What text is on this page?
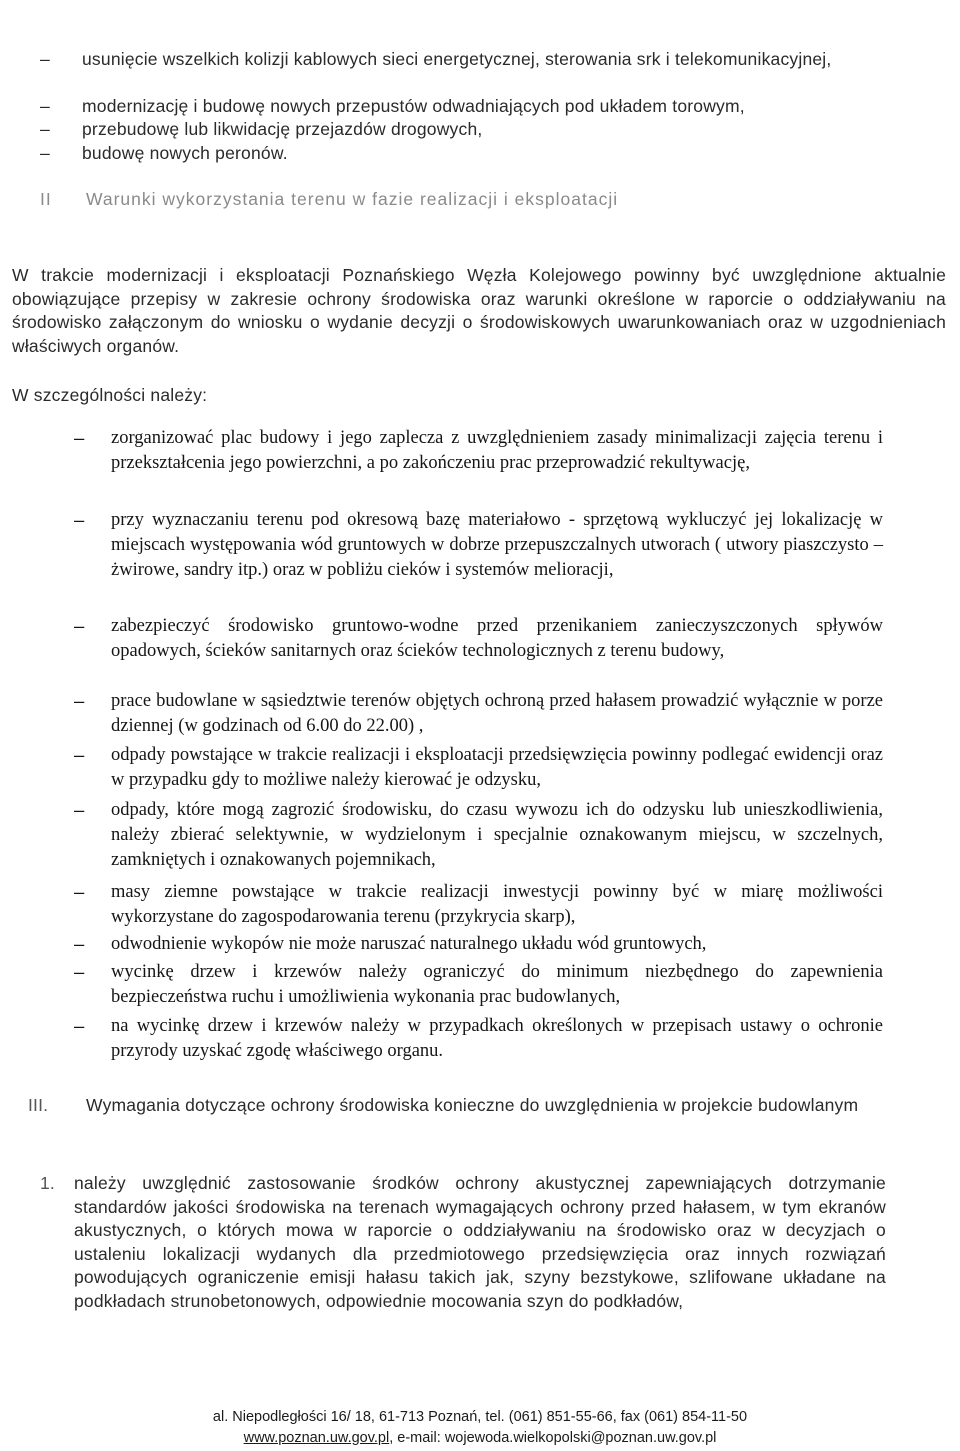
– usunięcie wszelkich kolizji kablowych sieci energetycznej, sterowania srk i telekomunikacyjnej,
– modernizację i budowę nowych przepustów odwadniających pod układem torowym,
– przebudowę lub likwidację przejazdów drogowych,
– budowę nowych peronów.
II Warunki wykorzystania terenu w fazie realizacji i eksploatacji
W trakcie modernizacji i eksploatacji Poznańskiego Węzła Kolejowego powinny być uwzględnione aktualnie obowiązujące przepisy w zakresie ochrony środowiska oraz warunki określone w raporcie o oddziaływaniu na środowisko załączonym do wniosku o wydanie decyzji o środowiskowych uwarunkowaniach oraz w uzgodnieniach właściwych organów.
W szczególności należy:
– zorganizować plac budowy i jego zaplecza z uwzględnieniem zasady minimalizacji zajęcia terenu i przekształcenia jego powierzchni, a po zakończeniu prac przeprowadzić rekultywację,
– przy wyznaczaniu terenu pod okresową bazę materiałowo - sprzętową wykluczyć jej lokalizację w miejscach występowania wód gruntowych w dobrze przepuszczalnych utworach ( utwory piaszczysto – żwirowe, sandry itp.) oraz w pobliżu cieków i systemów melioracji,
– zabezpieczyć środowisko gruntowo-wodne przed przenikaniem zanieczyszczonych spływów opadowych, ścieków sanitarnych oraz ścieków technologicznych z terenu budowy,
– prace budowlane w sąsiedztwie terenów objętych ochroną przed hałasem prowadzić wyłącznie w porze dziennej (w godzinach od 6.00 do 22.00) ,
– odpady powstające w trakcie realizacji i eksploatacji przedsięwzięcia powinny podlegać ewidencji oraz w przypadku gdy to możliwe należy kierować je odzysku,
– odpady, które mogą zagrozić środowisku, do czasu wywozu ich do odzysku lub unieszkodliwienia, należy zbierać selektywnie, w wydzielonym i specjalnie oznakowanym miejscu, w szczelnych, zamkniętych i oznakowanych pojemnikach,
– masy ziemne powstające w trakcie realizacji inwestycji powinny być w miarę możliwości wykorzystane do zagospodarowania terenu (przykrycia skarp),
– odwodnienie wykopów nie może naruszać naturalnego układu wód gruntowych,
– wycinkę drzew i krzewów należy ograniczyć do minimum niezbędnego do zapewnienia bezpieczeństwa ruchu i umożliwienia wykonania prac budowlanych,
– na wycinkę drzew i krzewów należy w przypadkach określonych w przepisach ustawy o ochronie przyrody uzyskać zgodę właściwego organu.
III. Wymagania dotyczące ochrony środowiska konieczne do uwzględnienia w projekcie budowlanym
1. należy uwzględnić zastosowanie środków ochrony akustycznej zapewniających dotrzymanie standardów jakości środowiska na terenach wymagających ochrony przed hałasem, w tym ekranów akustycznych, o których mowa w raporcie o oddziaływaniu na środowisko oraz w decyzjach o ustaleniu lokalizacji wydanych dla przedmiotowego przedsięwzięcia oraz innych rozwiązań powodujących ograniczenie emisji hałasu takich jak, szyny bezstykowe, szlifowane układane na podkładach strunobetonowych, odpowiednie mocowania szyn do podkładów,
al. Niepodległości 16/ 18, 61-713 Poznań, tel. (061) 851-55-66, fax (061) 854-11-50
www.poznan.uw.gov.pl, e-mail: wojewoda.wielkopolski@poznan.uw.gov.pl
